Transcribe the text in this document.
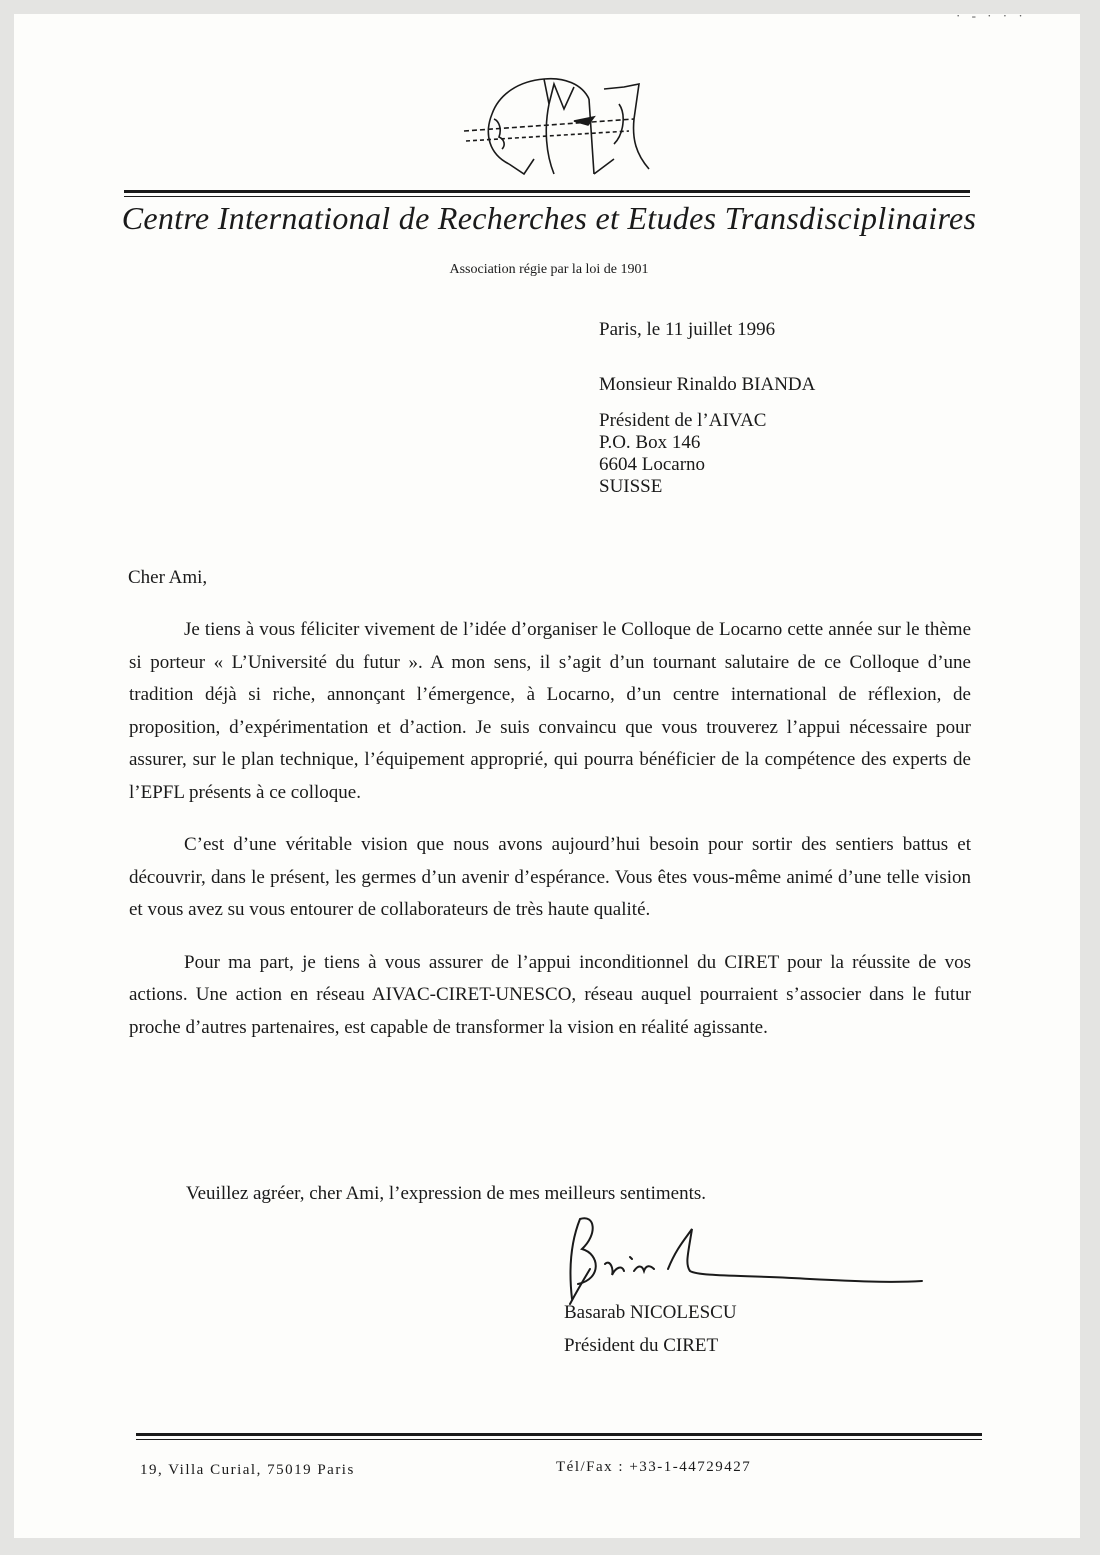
· - · · ·
Centre International de Recherches et Etudes Transdisciplinaires
Association régie par la loi de 1901
Paris, le 11 juillet 1996
Monsieur Rinaldo BIANDA
Président de l’AIVAC
P.O. Box 146
6604 Locarno
SUISSE
Cher Ami,

Je tiens à vous féliciter vivement de l’idée d’organiser le Colloque de Locarno cette année sur le thème si porteur « L’Université du futur ». A mon sens, il s’agit d’un tournant salutaire de ce Colloque d’une tradition déjà si riche, annonçant l’émergence, à Locarno, d’un centre international de réflexion, de proposition, d’expérimentation et d’action. Je suis convaincu que vous trouverez l’appui nécessaire pour assurer, sur le plan technique, l’équipement approprié, qui pourra bénéficier de la compétence des experts de l’EPFL présents à ce colloque.

C’est d’une véritable vision que nous avons aujourd’hui besoin pour sortir des sentiers battus et découvrir, dans le présent, les germes d’un avenir d’espérance. Vous êtes vous-même animé d’une telle vision et vous avez su vous entourer de collaborateurs de très haute qualité.

Pour ma part, je tiens à vous assurer de l’appui inconditionnel du CIRET pour la réussite de vos actions. Une action en réseau AIVAC-CIRET-UNESCO, réseau auquel pourraient s’associer dans le futur proche d’autres partenaires, est capable de transformer la vision en réalité agissante.

Veuillez agréer, cher Ami, l’expression de mes meilleurs sentiments.
Basarab NICOLESCU
Président du CIRET
19, Villa Curial, 75019 Paris	Tél/Fax : +33-1-44729427
